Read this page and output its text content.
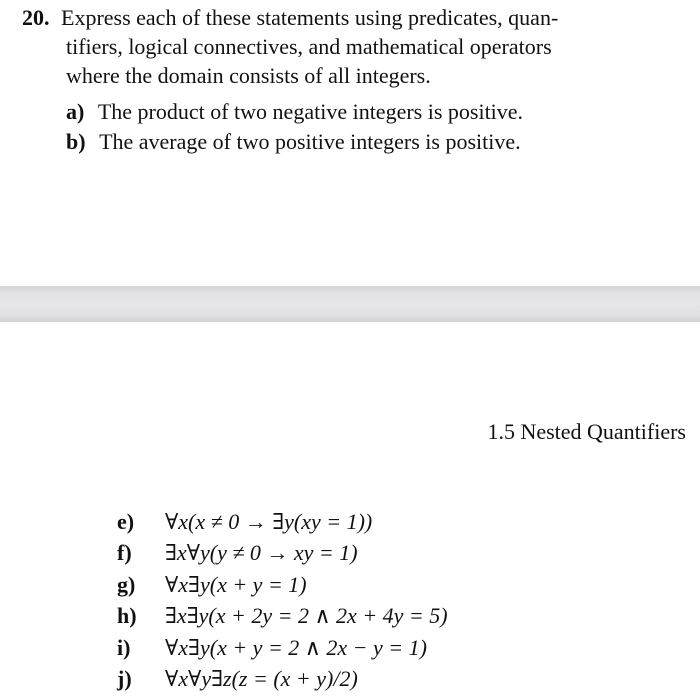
20. Express each of these statements using predicates, quan-
tifiers, logical connectives, and mathematical operators
where the domain consists of all integers.
a) The product of two negative integers is positive.
b) The average of two positive integers is positive.
1.5 Nested Quantifiers
e) ∀x(x ≠ 0 → ∃y(xy = 1))
f) ∃x∀y(y ≠ 0 → xy = 1)
g) ∀x∃y(x + y = 1)
h) ∃x∃y(x + 2y = 2 ∧ 2x + 4y = 5)
i) ∀x∃y(x + y = 2 ∧ 2x − y = 1)
j) ∀x∀y∃z(z = (x + y)/2)
